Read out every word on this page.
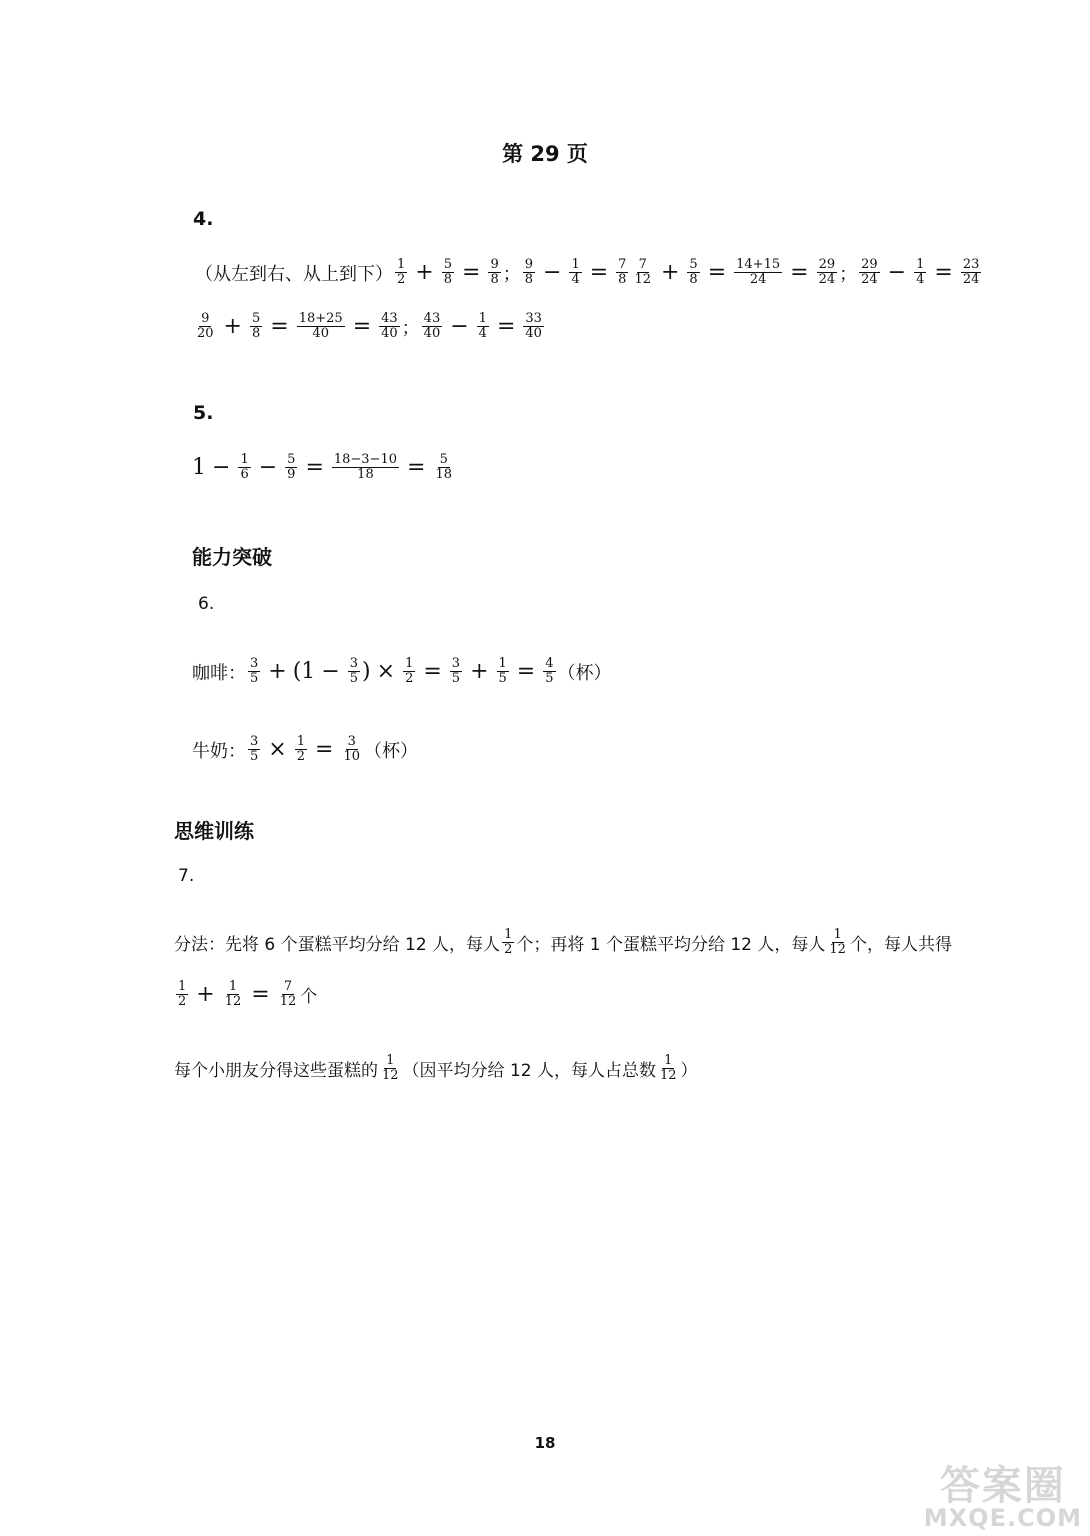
第 29 页
4.
（从左到右、从上到下） $\frac{1}{2} + \frac{5}{8} = \frac{9}{8}$ ； $\frac{9}{8} - \frac{1}{4} = \frac{7}{8} \frac{7}{12} + \frac{5}{8} = \frac{14+15}{24} = \frac{29}{24}$ ； $\frac{29}{24} - \frac{1}{4} = \frac{23}{24}$
$\frac{9}{20} + \frac{5}{8} = \frac{18+25}{40} = \frac{43}{40}$ ； $\frac{43}{40} - \frac{1}{4} = \frac{33}{40}$
5.
$1 - \frac{1}{6} - \frac{5}{9} = \frac{18-3-10}{18} = \frac{5}{18}$
能力突破
6.
咖啡： $\frac{3}{5} + (1 - \frac{3}{5}$ ) × $\frac{1}{2} = \frac{3}{5} + \frac{1}{5} = \frac{4}{5}$ （杯）
牛奶： $\frac{3}{5} \times \frac{1}{2} = \frac{3}{10}$ （杯）
思维训练
7.
分法：先将 6 个蛋糕平均分给 12 人，每人 $\frac{1}{2}$ 个；再将 1 个蛋糕平均分给 12 人，每人 $\frac{1}{12}$ 个，每人共得
$\frac{1}{2} + \frac{1}{12} = \frac{7}{12}$ 个
每个小朋友分得这些蛋糕的 $\frac{1}{12}$ （因平均分给 12 人，每人占总数 $\frac{1}{12}$ ）
18
答案圈
MXQE.COM
